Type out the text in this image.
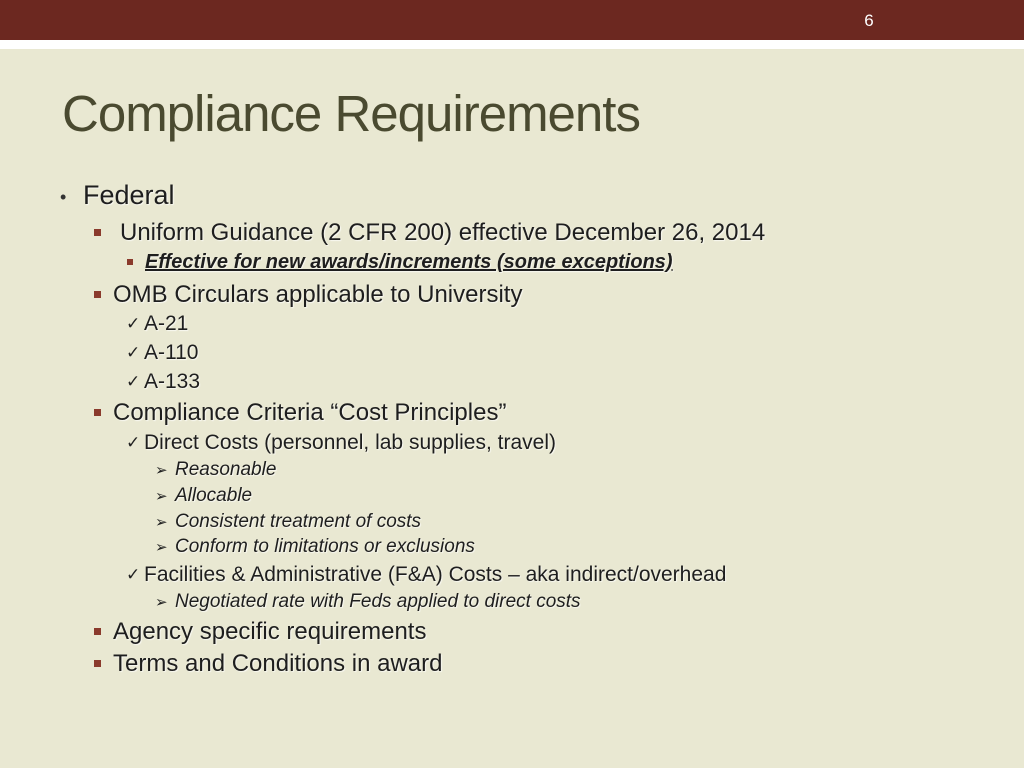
6
Compliance Requirements
• Federal
Uniform Guidance (2 CFR 200) effective December 26, 2014
Effective for new awards/increments (some exceptions)
OMB Circulars applicable to University
✓ A-21
✓ A-110
✓ A-133
Compliance Criteria “Cost Principles”
✓ Direct Costs (personnel, lab supplies, travel)
➢ Reasonable
➢ Allocable
➢ Consistent treatment of costs
➢ Conform to limitations or exclusions
✓ Facilities & Administrative (F&A) Costs – aka indirect/overhead
➢ Negotiated rate with Feds applied to direct costs
Agency specific requirements
Terms and Conditions in award
